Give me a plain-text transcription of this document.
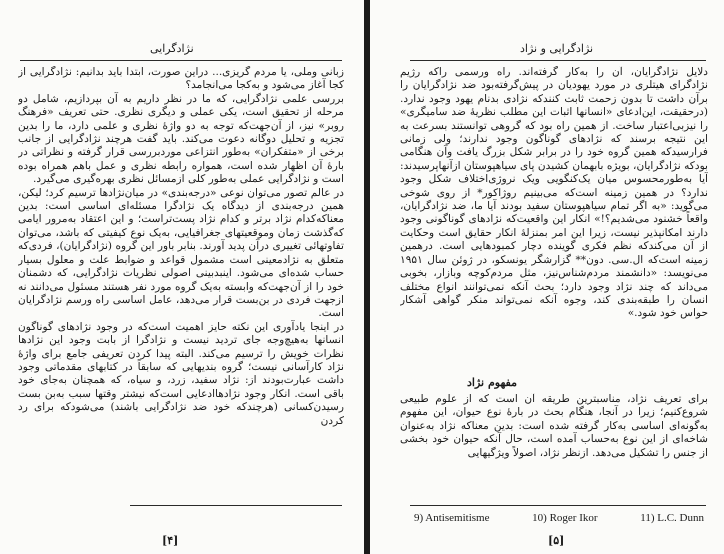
نژادگرایی

زبانی وملی، یا مردم گریزی... دراین صورت، ابتدا باید بدانیم: نژادگرایی از کجا آغاز می‌شود و به‌کجا می‌انجامد؟

بررسی علمی نژادگرایی، که ما در نظر داریم به آن بپردازیم، شامل دو مرحله از تحقیق است، یکی عملی و دیگری نظری. حتی تعریف «فرهنگ روبر» نیز، از آن‌جهت‌که توجه به دو واژهٔ نظری و علمی دارد، ما را بدین تجزیه و تحلیل دوگانه دعوت می‌کند. باید گفت هرچند نژادگرایی از جانب برخی از «متفکران» به‌طور انتزاعی موردبررسی قرار گرفته و نظراتی در بارهٔ آن اظهار شده است، همواره رابطه نظری و عمل باهم همراه بوده است و نژادگرایی عملی به‌طور کلی ازمسائل نظری بهره‌گیری می‌گیرد.

در عالم تصور می‌توان نوعی «درجه‌بندی» در میان‌نژادها ترسیم کرد؛ لیکن، همین درجه‌بندی از دیدگاه یک نژادگرا مسئله‌ای اساسی است: بدین معناکه‌کدام نژاد برتر و کدام نژاد پست‌تراست؛ و این اعتقاد به‌مرور ایامی که‌گذشت زمان وموقعیتهای جغرافیایی، به‌یک نوع کیفیتی که باشد، می‌توان تفاوتهائی تغییری درآن پدید آورند. بنابر باور این گروه (نژادگرایان)، فردی‌که متعلق به نژادمعینی است مشمول قواعد و ضوابط علت و معلول بسیار حساب شده‌ای می‌شود. اینبدبینی اصولی نظریات نژادگرایی، که دشمنان خود را از آن‌جهت‌که وابسته به‌یک گروه مورد نفر هستند مسئول می‌دانند نه ازجهت فردی در بن‌بست قرار می‌دهد، عامل اساسی راه ورسم نژادگرایان است.

در اینجا یادآوری این نکته حایز اهمیت است‌که در وجود نژادهای گوناگون انسانها به‌هیچ‌وجه جای تردید نیست و نژادگرا از بابت وجود این نژادها نظرات خویش را ترسیم می‌کند. البته پیدا کردن تعریفی جامع برای واژهٔ نژاد کارآسانی نیست؛ گروه بندیهایی که سابقاً در کتابهای مقدماتی وجود داشت عبارت‌بودند از: نژاد سفید، زرد، و سیاه، که همچنان به‌جای خود باقی است. انکار وجود نژادهاادعایی است‌که نیشتر وقتها سبب به‌بن بست رسیدن‌کسانی (هرچندکه خود ضد نژادگرایی باشند) می‌شودکه برای رد کردن

[۴]
نژادگرایی و نژاد

دلایل نژادگرایان، آن را به‌کار گرفته‌اند. راه ورسمی راکه رژیم نژادگرای هیتلری در مورد یهودیان در پیش‌گرفته‌بود ضد نژادگرایان را برآن داشت تا بدون زحمت ثابت کنندکه نژادی بدنام یهود وجود ندارد. (درحقیقت، این‌ادعای «انسانها اثبات این مطلب نظریهٔ ضد سامیگری» را نیزبی‌اعتبار ساخت. از همین راه بود که گروهی توانستند بسرعت به این نتیجه برسند که نژادهای گوناگون وجود ندارند؛ ولی زمانی فرارسیدکه همین گروه خود را در برابر شکل بزرگ‌ یافت وآن هنگامی بودکه نژادگرایان، بویژه بابهمان کشیدن پای سیاهپوستان ازآنهاپرسیدند: آیا به‌طورمحسوس میان یک‌کنگویی ویک نروژی‌اختلاف شکل وجود ندارد؟ در همین زمینه است‌که می‌بینیم روژاکور* از روی شوخی می‌گوید: «به اگر تمام سیاهپوستان سفید بودند آیا ما، ضد نژادگرایان، واقعاً خشنود می‌شدیم؟!» انکار این واقعیت‌که نژادهای گوناگونی وجود دارند امکانپذیر نیست، زیرا این امر بمنزلهٔ انکار حقایق است وحکایت از آن می‌کندکه نظم فکری گوینده دچار کمبودهایی است. درهمین زمینه است‌که ال.سی. دون** گزارشگر یونسکو، در ژوئن سال ۱۹۵۱ می‌نویسد: «دانشمند مردم‌شناس‌نیز، مثل مردم‌کوچه وبازار، بخوبی می‌داند که چند نژاد وجود دارد؛ بحث آنکه نمی‌توانند انواع مختلف انسان را طبقه‌بندی کند، وجوه آنکه نمی‌تواند منکر گواهی آشکار حواس خود شود.»

مفهوم نژاد
برای تعریف نژاد، مناسبترین طریقه آن است که از علوم طبیعی شروع‌کنیم؛ زیرا در آنجا، هنگام بحث در بارهٔ نوع حیوان، این مفهوم به‌گونه‌ای اساسی به‌کار گرفته شده است: بدین معناکه نژاد به‌عنوان شاخه‌ای از این نوع به‌حساب آمده است، حال آنکه حیوان خود بخشی از جنس را تشکیل می‌دهد. ازنظر نژاد، اصولاً ویژگیهایی
9) Antisemitisme	10) Roger Ikor	11) L.C. Dunn
[۵]
